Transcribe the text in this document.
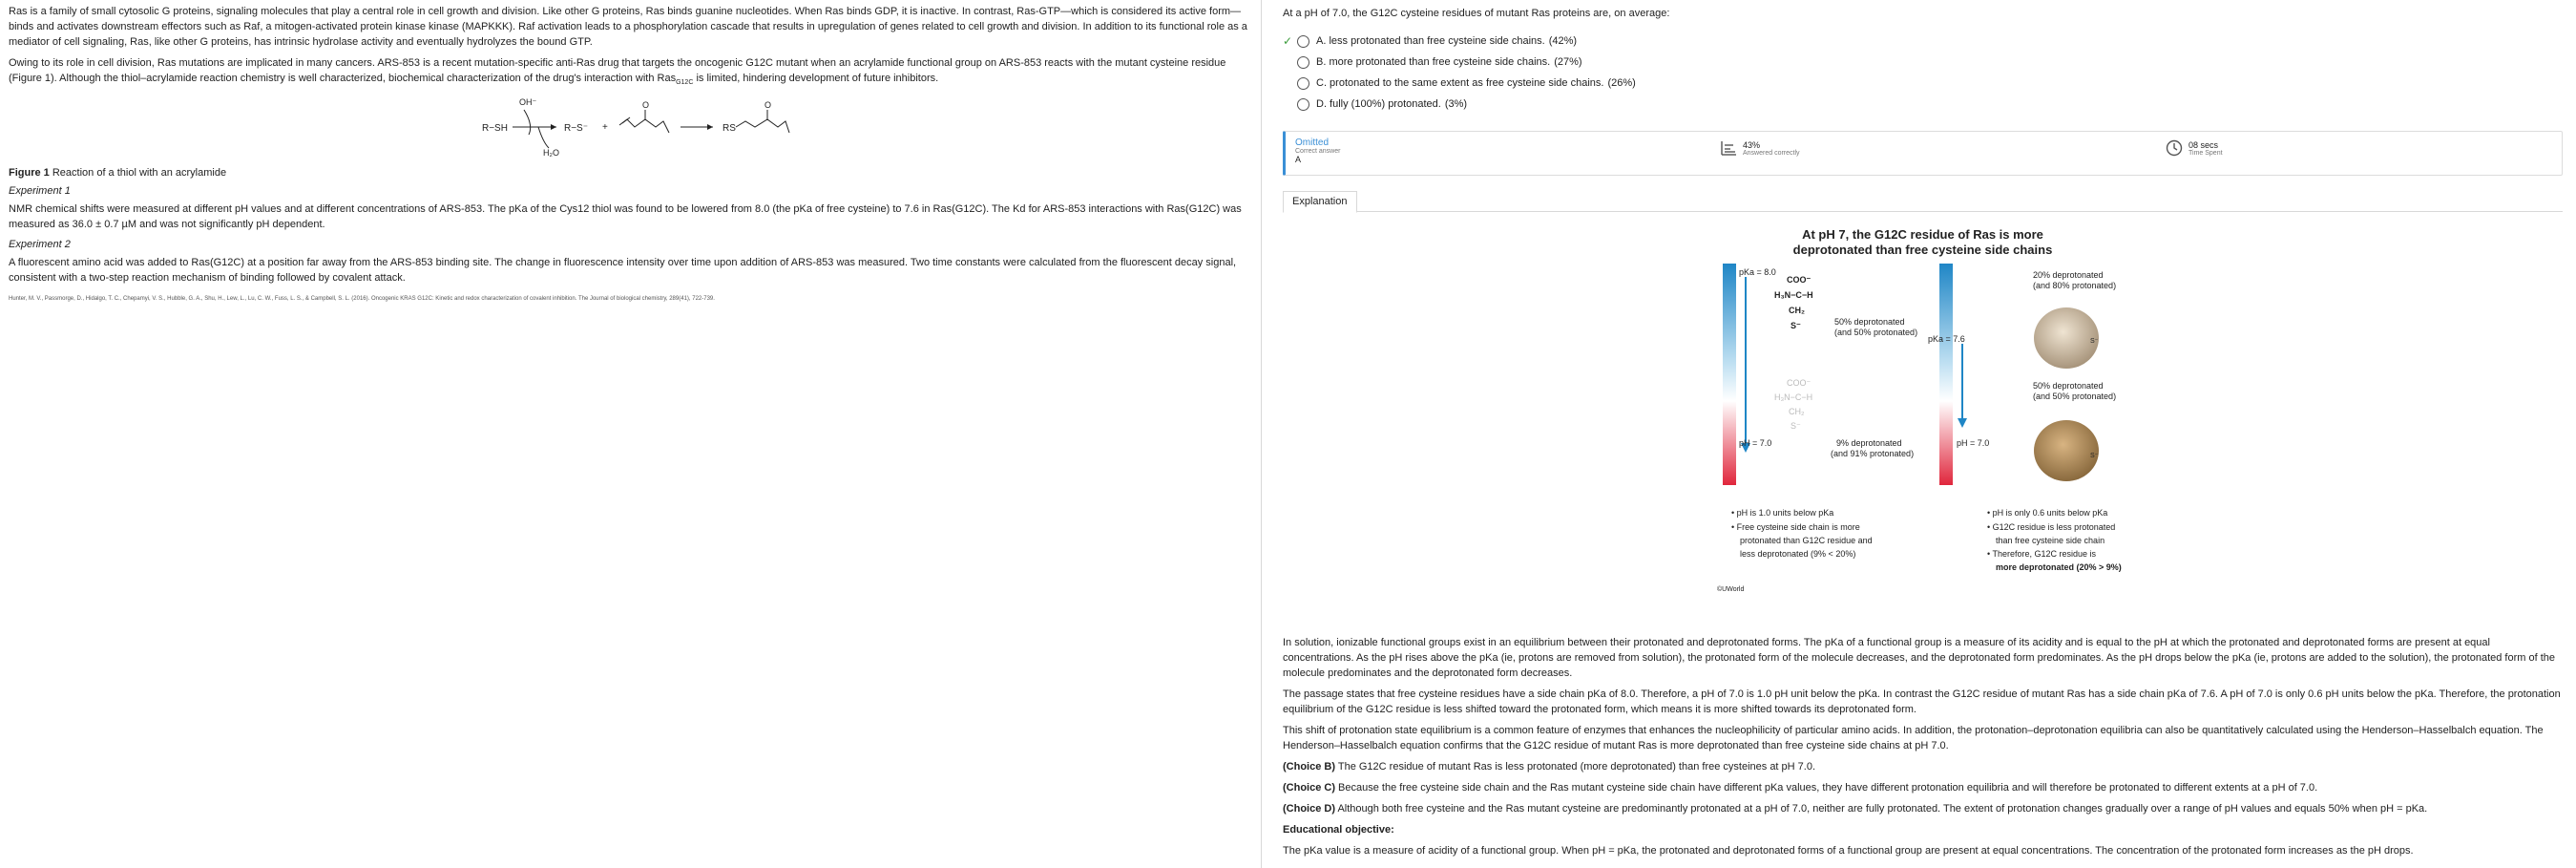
Ras is a family of small cytosolic G proteins, signaling molecules that play a central role in cell growth and division. Like other G proteins, Ras binds guanine nucleotides. When Ras binds GDP, it is inactive. In contrast, Ras-GTP—which is considered its active form—binds and activates downstream effectors such as Raf, a mitogen-activated protein kinase kinase (MAPKKK). Raf activation leads to a phosphorylation cascade that results in upregulation of genes related to cell growth and division. In addition to its functional role as a mediator of cell signaling, Ras, like other G proteins, has intrinsic hydrolase activity and eventually hydrolyzes the bound GTP.

Owing to its role in cell division, Ras mutations are implicated in many cancers. ARS-853 is a recent mutation-specific anti-Ras drug that targets the oncogenic G12C mutant when an acrylamide functional group on ARS-853 reacts with the mutant cysteine residue (Figure 1). Although the thiol–acrylamide reaction chemistry is well characterized, biochemical characterization of the drug's interaction with Ras$_{G12C}$ is limited, hindering development of future inhibitors.

R−SH
OH⁻
H₂O
R−S⁻ +
O
RS
O

Figure 1 Reaction of a thiol with an acrylamide

Experiment 1

NMR chemical shifts were measured at different pH values and at different concentrations of ARS-853. The pKa of the Cys12 thiol was found to be lowered from 8.0 (the pKa of free cysteine) to 7.6 in Ras(G12C). The Kd for ARS-853 interactions with Ras(G12C) was measured as 36.0 ± 0.7 µM and was not significantly pH dependent.

Experiment 2

A fluorescent amino acid was added to Ras(G12C) at a position far away from the ARS-853 binding site. The change in fluorescence intensity over time upon addition of ARS-853 was measured. Two time constants were calculated from the fluorescent decay signal, consistent with a two-step reaction mechanism of binding followed by covalent attack.

Hunter, M. V., Passmorge, D., Hidalgo, T. C., Chepamyi, V. S., Hubble, G. A., Shu, H., Lew, L., Lu, C. W., Fuss, L. S., & Campbell, S. L. (2016). Oncogenic KRAS G12C: Kinetic and redox characterization of covalent inhibition. The Journal of biological chemistry, 289(41), 722-739.

At a pH of 7.0, the G12C cysteine residues of mutant Ras proteins are, on average:

✓	A. less protonated than free cysteine side chains. (42%)
B. more protonated than free cysteine side chains. (27%)
C. protonated to the same extent as free cysteine side chains. (26%)
D. fully (100%) protonated. (3%)
Omitted
Correct answer
A
43%
Answered correctly
08 secs
Time Spent
Explanation
At pH 7, the G12C residue of Ras is more
deprotonated than free cysteine side chains
pKa = 8.0
pH = 7.0
COO⁻
H₃N−C−H
CH₂
S⁻	50% deprotonated
(and 50% protonated)
COO⁻
H₃N−C−H
CH₂
S⁻
9% deprotonated
(and 91% protonated)
pKa = 7.6
pH = 7.0
20% deprotonated
(and 80% protonated)
S⁻
50% deprotonated
(and 50% protonated)
S⁻
• pH is 1.0 units below pKa
• Free cysteine side chain is more
protonated than G12C residue and
less deprotonated (9% < 20%)
• pH is only 0.6 units below pKa
• G12C residue is less protonated
than free cysteine side chain
• Therefore, G12C residue is
more deprotonated (20% > 9%)
©UWorld

In solution, ionizable functional groups exist in an equilibrium between their protonated and deprotonated forms. The pKa of a functional group is a measure of its acidity and is equal to the pH at which the protonated and deprotonated forms are present at equal concentrations. As the pH rises above the pKa (ie, protons are removed from solution), the protonated form of the molecule decreases, and the deprotonated form predominates. As the pH drops below the pKa (ie, protons are added to the solution), the protonated form of the molecule predominates and the deprotonated form decreases.

The passage states that free cysteine residues have a side chain pKa of 8.0. Therefore, a pH of 7.0 is 1.0 pH unit below the pKa. In contrast the G12C residue of mutant Ras has a side chain pKa of 7.6. A pH of 7.0 is only 0.6 pH units below the pKa. Therefore, the protonation equilibrium of the G12C residue is less shifted toward the protonated form, which means it is more shifted towards its deprotonated form.

This shift of protonation state equilibrium is a common feature of enzymes that enhances the nucleophilicity of particular amino acids. In addition, the protonation–deprotonation equilibria can also be quantitatively calculated using the Henderson–Hasselbalch equation. The Henderson–Hasselbalch equation confirms that the G12C residue of mutant Ras is more deprotonated than free cysteine side chains at pH 7.0.

(Choice B) The G12C residue of mutant Ras is less protonated (more deprotonated) than free cysteines at pH 7.0.

(Choice C) Because the free cysteine side chain and the Ras mutant cysteine side chain have different pKa values, they have different protonation equilibria and will therefore be protonated to different extents at a pH of 7.0.

(Choice D) Although both free cysteine and the Ras mutant cysteine are predominantly protonated at a pH of 7.0, neither are fully protonated. The extent of protonation changes gradually over a range of pH values and equals 50% when pH = pKa.

Educational objective:

The pKa value is a measure of acidity of a functional group. When pH = pKa, the protonated and deprotonated forms of a functional group are present at equal concentrations. The concentration of the protonated form increases as the pH drops.
